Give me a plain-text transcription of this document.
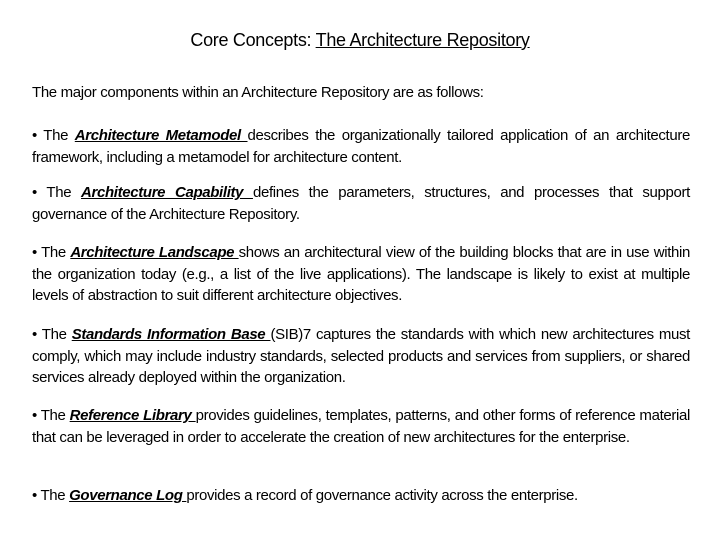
Core Concepts: The Architecture Repository
The major components within an Architecture Repository are as follows:
• The Architecture Metamodel describes the organizationally tailored application of an architecture framework, including a metamodel for architecture content.
• The Architecture Capability defines the parameters, structures, and processes that support governance of the Architecture Repository.
• The Architecture Landscape shows an architectural view of the building blocks that are in use within the organization today (e.g., a list of the live applications). The landscape is likely to exist at multiple levels of abstraction to suit different architecture objectives.
• The Standards Information Base (SIB)7 captures the standards with which new architectures must comply, which may include industry standards, selected products and services from suppliers, or shared services already deployed within the organization.
• The Reference Library provides guidelines, templates, patterns, and other forms of reference material that can be leveraged in order to accelerate the creation of new architectures for the enterprise.
• The Governance Log provides a record of governance activity across the enterprise.
